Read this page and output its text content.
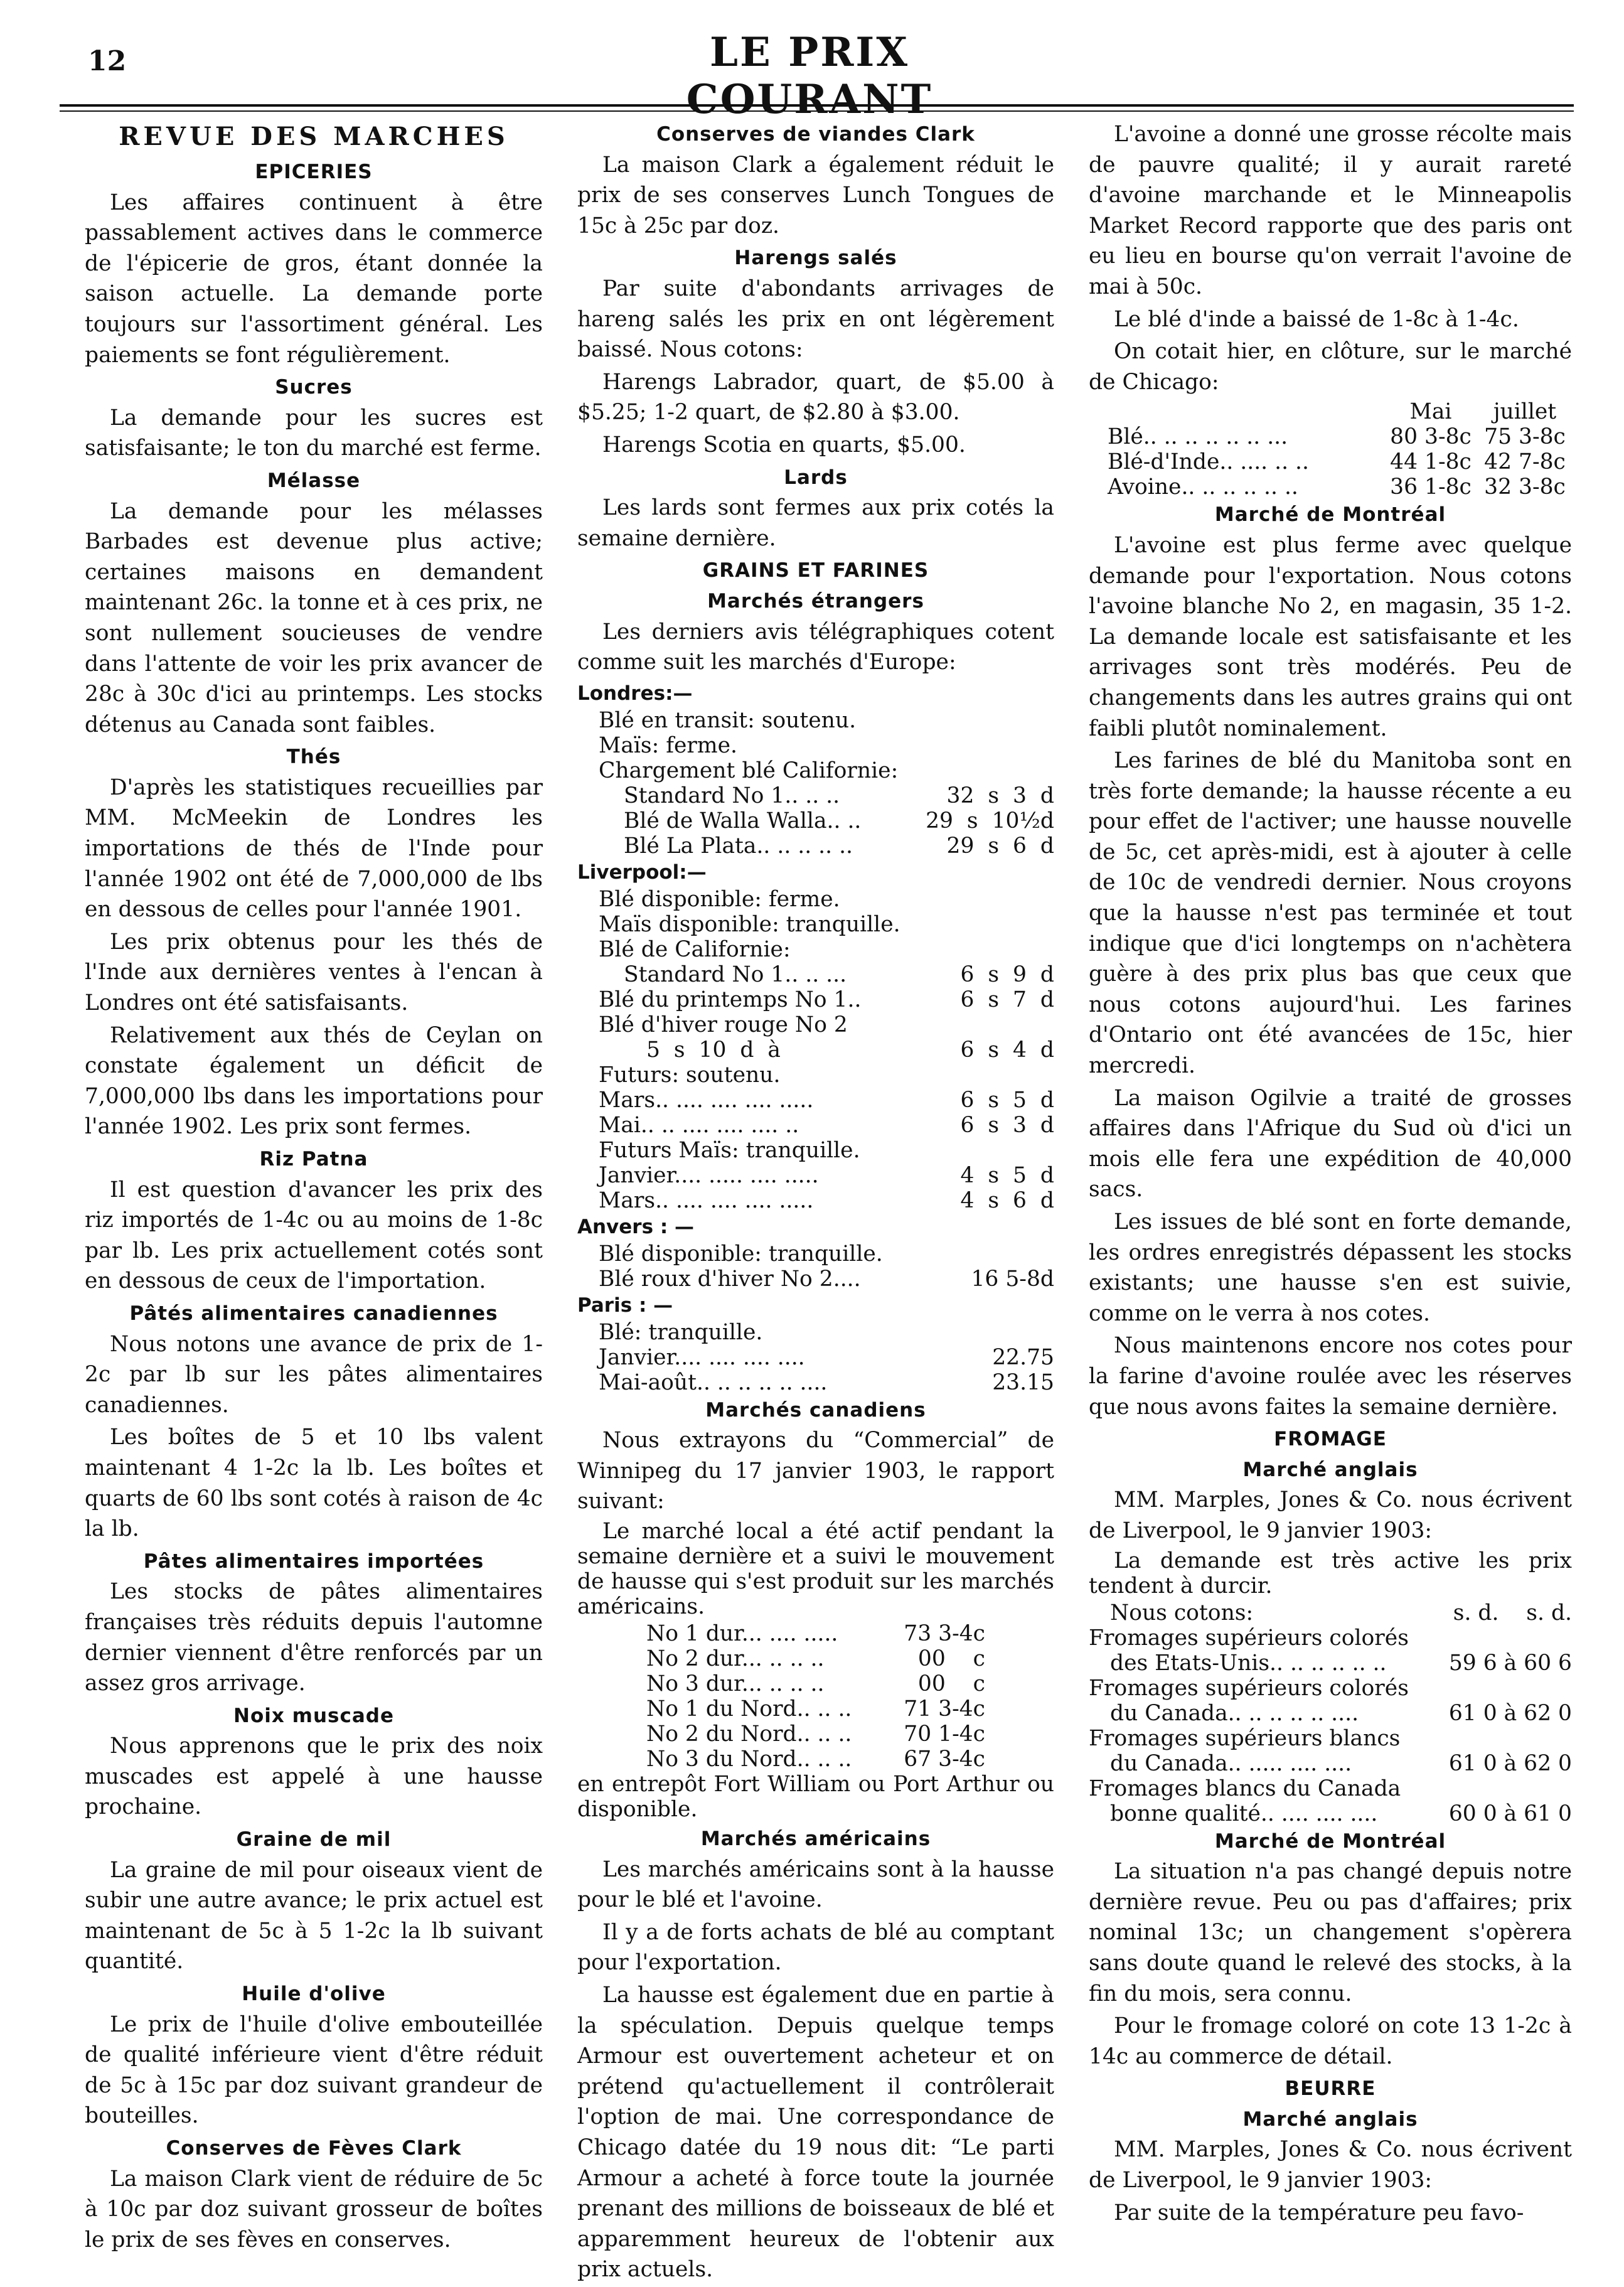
12	LE PRIX COURANT
REVUE DES MARCHES
EPICERIES

Les affaires continuent à être passablement actives dans le commerce de l'épicerie de gros, étant donnée la saison actuelle. La demande porte toujours sur l'assortiment général. Les paiements se font régulièrement.

Sucres

La demande pour les sucres est satisfaisante; le ton du marché est ferme.

Mélasse

La demande pour les mélasses Barbades est devenue plus active; certaines maisons en demandent maintenant 26c. la tonne et à ces prix, ne sont nullement soucieuses de vendre dans l'attente de voir les prix avancer de 28c à 30c d'ici au printemps. Les stocks détenus au Canada sont faibles.

Thés

D'après les statistiques recueillies par MM. McMeekin de Londres les importations de thés de l'Inde pour l'année 1902 ont été de 7,000,000 de lbs en dessous de celles pour l'année 1901.

Les prix obtenus pour les thés de l'Inde aux dernières ventes à l'encan à Londres ont été satisfaisants.

Relativement aux thés de Ceylan on constate également un déficit de 7,000,000 lbs dans les importations pour l'année 1902. Les prix sont fermes.

Riz Patna

Il est question d'avancer les prix des riz importés de 1-4c ou au moins de 1-8c par lb. Les prix actuellement cotés sont en dessous de ceux de l'importation.

Pâtés alimentaires canadiennes

Nous notons une avance de prix de 1-2c par lb sur les pâtes alimentaires canadiennes.

Les boîtes de 5 et 10 lbs valent maintenant 4 1-2c la lb. Les boîtes et quarts de 60 lbs sont cotés à raison de 4c la lb.

Pâtes alimentaires importées

Les stocks de pâtes alimentaires françaises très réduits depuis l'automne dernier viennent d'être renforcés par un assez gros arrivage.

Noix muscade

Nous apprenons que le prix des noix muscades est appelé à une hausse prochaine.

Graine de mil

La graine de mil pour oiseaux vient de subir une autre avance; le prix actuel est maintenant de 5c à 5 1-2c la lb suivant quantité.

Huile d'olive

Le prix de l'huile d'olive embouteillée de qualité inférieure vient d'être réduit de 5c à 15c par doz suivant grandeur de bouteilles.

Conserves de Fèves Clark

La maison Clark vient de réduire de 5c à 10c par doz suivant grosseur de boîtes le prix de ses fèves en conserves.

Conserves de viandes Clark

La maison Clark a également réduit le prix de ses conserves Lunch Tongues de 15c à 25c par doz.

Harengs salés

Par suite d'abondants arrivages de hareng salés les prix en ont légèrement baissé. Nous cotons:

Harengs Labrador, quart, de $5.00 à $5.25; 1-2 quart, de $2.80 à $3.00.

Harengs Scotia en quarts, $5.00.

Lards

Les lards sont fermes aux prix cotés la semaine dernière.

GRAINS ET FARINES
Marchés étrangers

Les derniers avis télégraphiques cotent comme suit les marchés d'Europe:

Londres:—
Blé en transit: soutenu.
Maïs: ferme.
Chargement blé Californie:
Standard No 1.. .. ..	32  s  3  d
Blé de Walla Walla.. ..	29  s  10½d
Blé La Plata.. .. .. .. ..	29  s  6  d
Liverpool:—
Blé disponible: ferme.
Maïs disponible: tranquille.
Blé de Californie:
Standard No 1.. .. ...	6  s  9  d
Blé du printemps No 1..	6  s  7  d
Blé d'hiver rouge No 2
5  s  10  d  à	6  s  4  d
Futurs: soutenu.
Mars.. .... .... .... .....	6  s  5  d
Mai.. .. .... .... .... ..	6  s  3  d
Futurs Maïs: tranquille.
Janvier.... ..... .... .....	4  s  5  d
Mars.. .... .... .... .....	4  s  6  d
Anvers : —
Blé disponible: tranquille.
Blé roux d'hiver No 2....	16 5-8d
Paris : —
Blé: tranquille.
Janvier.... .... .... ....	22.75
Mai-août.. .. .. .. .. ....	23.15
Marchés canadiens

Nous extrayons du “Commercial” de Winnipeg du 17 janvier 1903, le rapport suivant:

Le marché local a été actif pendant la semaine dernière et a suivi le mouvement de hausse qui s'est produit sur les marchés américains.

No 1 dur... .... .....	73 3-4c
No 2 dur... .. .. ..	00    c
No 3 dur... .. .. ..	00    c
No 1 du Nord.. .. .. 71 3-4c
No 2 du Nord.. .. .. 70 1-4c
No 3 du Nord.. .. .. 67 3-4c

en entrepôt Fort William ou Port Arthur ou disponible.

Marchés américains

Les marchés américains sont à la hausse pour le blé et l'avoine.

Il y a de forts achats de blé au comptant pour l'exportation.

La hausse est également due en partie à la spéculation. Depuis quelque temps Armour est ouvertement acheteur et on prétend qu'actuellement il contrôlerait l'option de mai. Une correspondance de Chicago datée du 19 nous dit: “Le parti Armour a acheté à force toute la journée prenant des millions de boisseaux de blé et apparemment heureux de l'obtenir aux prix actuels.

L'avoine a donné une grosse récolte mais de pauvre qualité; il y aurait rareté d'avoine marchande et le Minneapolis Market Record rapporte que des paris ont eu lieu en bourse qu'on verrait l'avoine de mai à 50c.

Le blé d'inde a baissé de 1-8c à 1-4c.

On cotait hier, en clôture, sur le marché de Chicago:

Mai	juillet
Blé.. .. .. .. .. .. ...	80 3-8c 75 3-8c
Blé-d'Inde.. .... .. ..	44 1-8c 42 7-8c
Avoine.. .. .. .. .. ..	36 1-8c 32 3-8c
Marché de Montréal

L'avoine est plus ferme avec quelque demande pour l'exportation. Nous cotons l'avoine blanche No 2, en magasin, 35 1-2. La demande locale est satisfaisante et les arrivages sont très modérés. Peu de changements dans les autres grains qui ont faibli plutôt nominalement.

Les farines de blé du Manitoba sont en très forte demande; la hausse récente a eu pour effet de l'activer; une hausse nouvelle de 5c, cet après-midi, est à ajouter à celle de 10c de vendredi dernier. Nous croyons que la hausse n'est pas terminée et tout indique que d'ici longtemps on n'achètera guère à des prix plus bas que ceux que nous cotons aujourd'hui. Les farines d'Ontario ont été avancées de 15c, hier mercredi.

La maison Ogilvie a traité de grosses affaires dans l'Afrique du Sud où d'ici un mois elle fera une expédition de 40,000 sacs.

Les issues de blé sont en forte demande, les ordres enregistrés dépassent les stocks existants; une hausse s'en est suivie, comme on le verra à nos cotes.

Nous maintenons encore nos cotes pour la farine d'avoine roulée avec les réserves que nous avons faites la semaine dernière.

FROMAGE
Marché anglais

MM. Marples, Jones & Co. nous écrivent de Liverpool, le 9 janvier 1903:

La demande est très active les prix tendent à durcir.

Nous cotons:	s. d.    s. d.
Fromages supérieurs colorés
des Etats-Unis.. .. .. .. .. ..	59 6 à 60 6
Fromages supérieurs colorés
du Canada.. .. .. .. .. ....	61 0 à 62 0
Fromages supérieurs blancs
du Canada.. ..... .... ....	61 0 à 62 0
Fromages blancs du Canada
bonne qualité.. .... .... ....	60 0 à 61 0
Marché de Montréal

La situation n'a pas changé depuis notre dernière revue. Peu ou pas d'affaires; prix nominal 13c; un changement s'opèrera sans doute quand le relevé des stocks, à la fin du mois, sera connu.

Pour le fromage coloré on cote 13 1-2c à 14c au commerce de détail.

BEURRE
Marché anglais

MM. Marples, Jones & Co. nous écrivent de Liverpool, le 9 janvier 1903:

Par suite de la température peu favo-
